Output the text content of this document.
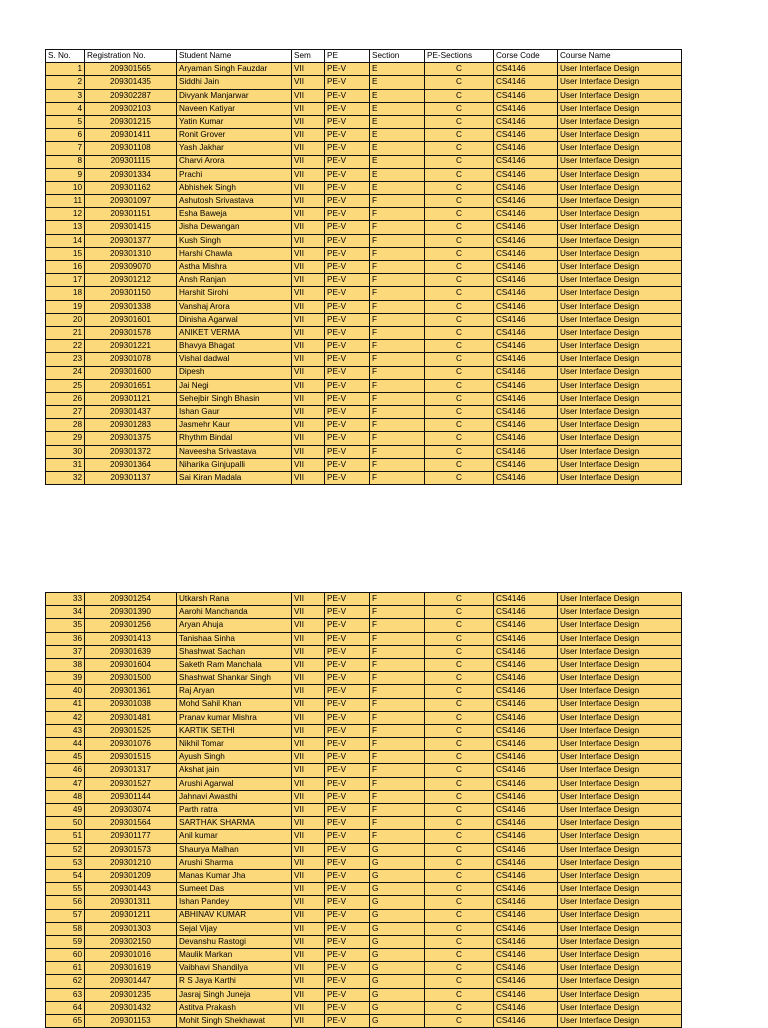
S. No.	Registration No.	Student Name	Sem	PE	Section	PE-Sections	Corse Code	Course Name
1	209301565	Aryaman Singh Fauzdar	VII	PE-V	E	C	CS4146	User Interface Design
2	209301435	Siddhi Jain	VII	PE-V	E	C	CS4146	User Interface Design
3	209302287	Divyank Manjarwar	VII	PE-V	E	C	CS4146	User Interface Design
4	209302103	Naveen Katiyar	VII	PE-V	E	C	CS4146	User Interface Design
5	209301215	Yatin Kumar	VII	PE-V	E	C	CS4146	User Interface Design
6	209301411	Ronit Grover	VII	PE-V	E	C	CS4146	User Interface Design
7	209301108	Yash Jakhar	VII	PE-V	E	C	CS4146	User Interface Design
8	209301115	Charvi Arora	VII	PE-V	E	C	CS4146	User Interface Design
9	209301334	Prachi	VII	PE-V	E	C	CS4146	User Interface Design
10	209301162	Abhishek Singh	VII	PE-V	E	C	CS4146	User Interface Design
11	209301097	Ashutosh Srivastava	VII	PE-V	F	C	CS4146	User Interface Design
12	209301151	Esha Baweja	VII	PE-V	F	C	CS4146	User Interface Design
13	209301415	Jisha Dewangan	VII	PE-V	F	C	CS4146	User Interface Design
14	209301377	Kush Singh	VII	PE-V	F	C	CS4146	User Interface Design
15	209301310	Harshi Chawla	VII	PE-V	F	C	CS4146	User Interface Design
16	209309070	Astha Mishra	VII	PE-V	F	C	CS4146	User Interface Design
17	209301212	Ansh Ranjan	VII	PE-V	F	C	CS4146	User Interface Design
18	209301150	Harshit Sirohi	VII	PE-V	F	C	CS4146	User Interface Design
19	209301338	Vanshaj Arora	VII	PE-V	F	C	CS4146	User Interface Design
20	209301601	Dinisha Agarwal	VII	PE-V	F	C	CS4146	User Interface Design
21	209301578	ANIKET VERMA	VII	PE-V	F	C	CS4146	User Interface Design
22	209301221	Bhavya Bhagat	VII	PE-V	F	C	CS4146	User Interface Design
23	209301078	Vishal dadwal	VII	PE-V	F	C	CS4146	User Interface Design
24	209301600	Dipesh	VII	PE-V	F	C	CS4146	User Interface Design
25	209301651	Jai Negi	VII	PE-V	F	C	CS4146	User Interface Design
26	209301121	Sehejbir Singh Bhasin	VII	PE-V	F	C	CS4146	User Interface Design
27	209301437	Ishan Gaur	VII	PE-V	F	C	CS4146	User Interface Design
28	209301283	Jasmehr Kaur	VII	PE-V	F	C	CS4146	User Interface Design
29	209301375	Rhythm Bindal	VII	PE-V	F	C	CS4146	User Interface Design
30	209301372	Naveesha Srivastava	VII	PE-V	F	C	CS4146	User Interface Design
31	209301364	Niharika Ginjupalli	VII	PE-V	F	C	CS4146	User Interface Design
32	209301137	Sai Kiran Madala	VII	PE-V	F	C	CS4146	User Interface Design
33	209301254	Utkarsh Rana	VII	PE-V	F	C	CS4146	User Interface Design
34	209301390	Aarohi Manchanda	VII	PE-V	F	C	CS4146	User Interface Design
35	209301256	Aryan Ahuja	VII	PE-V	F	C	CS4146	User Interface Design
36	209301413	Tanishaa Sinha	VII	PE-V	F	C	CS4146	User Interface Design
37	209301639	Shashwat Sachan	VII	PE-V	F	C	CS4146	User Interface Design
38	209301604	Saketh Ram Manchala	VII	PE-V	F	C	CS4146	User Interface Design
39	209301500	Shashwat Shankar Singh	VII	PE-V	F	C	CS4146	User Interface Design
40	209301361	Raj Aryan	VII	PE-V	F	C	CS4146	User Interface Design
41	209301038	Mohd Sahil Khan	VII	PE-V	F	C	CS4146	User Interface Design
42	209301481	Pranav kumar Mishra	VII	PE-V	F	C	CS4146	User Interface Design
43	209301525	KARTIK SETHI	VII	PE-V	F	C	CS4146	User Interface Design
44	209301076	Nikhil Tomar	VII	PE-V	F	C	CS4146	User Interface Design
45	209301515	Ayush Singh	VII	PE-V	F	C	CS4146	User Interface Design
46	209301317	Akshat jain	VII	PE-V	F	C	CS4146	User Interface Design
47	209301527	Arushi Agarwal	VII	PE-V	F	C	CS4146	User Interface Design
48	209301144	Jahnavi Awasthi	VII	PE-V	F	C	CS4146	User Interface Design
49	209303074	Parth ratra	VII	PE-V	F	C	CS4146	User Interface Design
50	209301564	SARTHAK SHARMA	VII	PE-V	F	C	CS4146	User Interface Design
51	209301177	Anil kumar	VII	PE-V	F	C	CS4146	User Interface Design
52	209301573	Shaurya Malhan	VII	PE-V	G	C	CS4146	User Interface Design
53	209301210	Arushi Sharma	VII	PE-V	G	C	CS4146	User Interface Design
54	209301209	Manas Kumar Jha	VII	PE-V	G	C	CS4146	User Interface Design
55	209301443	Sumeet Das	VII	PE-V	G	C	CS4146	User Interface Design
56	209301311	Ishan Pandey	VII	PE-V	G	C	CS4146	User Interface Design
57	209301211	ABHINAV KUMAR	VII	PE-V	G	C	CS4146	User Interface Design
58	209301303	Sejal Vijay	VII	PE-V	G	C	CS4146	User Interface Design
59	209302150	Devanshu Rastogi	VII	PE-V	G	C	CS4146	User Interface Design
60	209301016	Maulik Markan	VII	PE-V	G	C	CS4146	User Interface Design
61	209301619	Vaibhavi Shandilya	VII	PE-V	G	C	CS4146	User Interface Design
62	209301447	R S Jaya Karthi	VII	PE-V	G	C	CS4146	User Interface Design
63	209301235	Jasraj Singh Juneja	VII	PE-V	G	C	CS4146	User Interface Design
64	209301432	Astitva Prakash	VII	PE-V	G	C	CS4146	User Interface Design
65	209301153	Mohit Singh Shekhawat	VII	PE-V	G	C	CS4146	User Interface Design
